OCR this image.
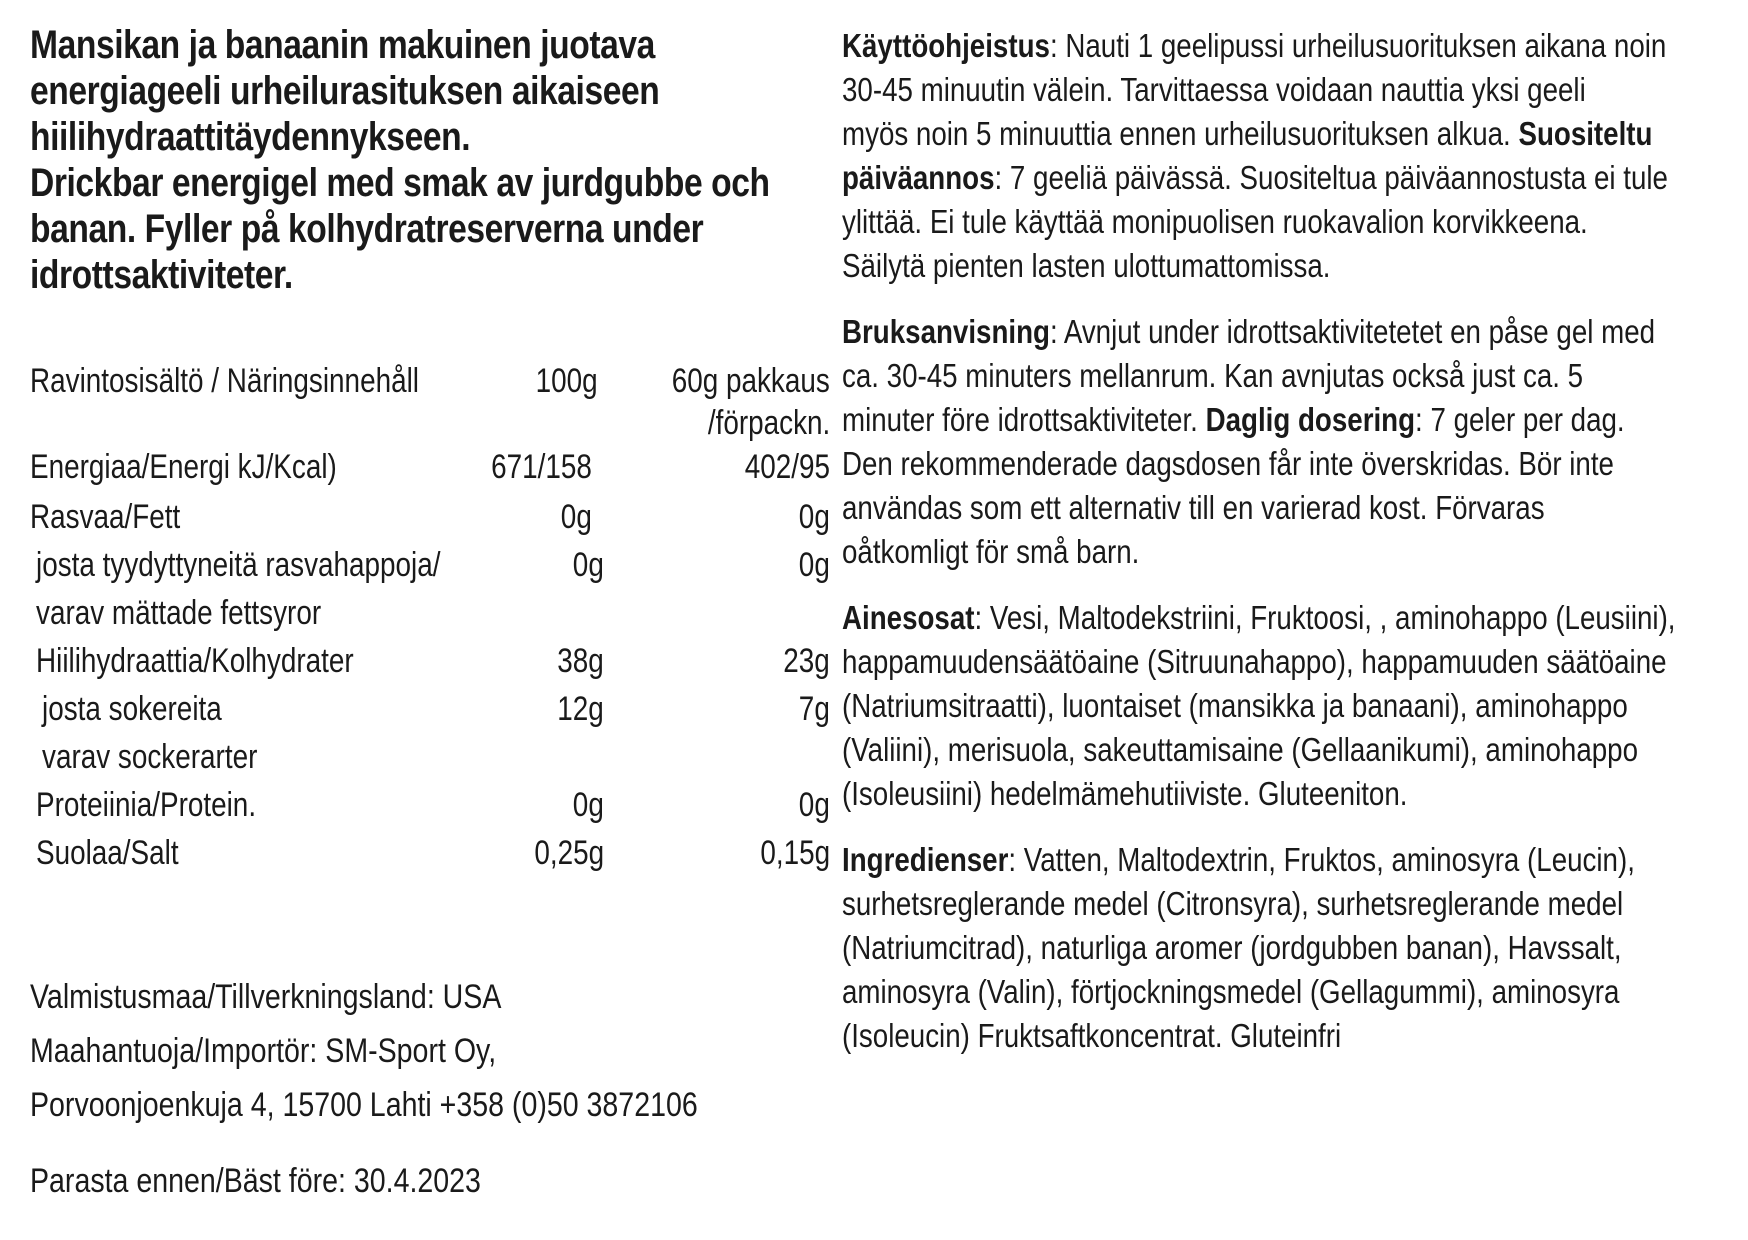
Mansikan ja banaanin makuinen juotava
energiageeli urheilurasituksen aikaiseen
hiilihydraattitäydennykseen.
Drickbar energigel med smak av jurdgubbe och
banan. Fyller på kolhydratreserverna under
idrottsaktiviteter.
Ravintosisältö / Näringsinnehåll	100g 60g pakkaus
/förpackn.
Energiaa/Energi kJ/Kcal)	671/158	402/95
Rasvaa/Fett	0g	0g
josta tyydyttyneitä rasvahappoja/	0g	0g
varav mättade fettsyror
Hiilihydraattia/Kolhydrater	38g	23g
josta sokereita	12g	7g
varav sockerarter
Proteiinia/Protein.	0g	0g
Suolaa/Salt	0,25g	0,15g
Valmistusmaa/Tillverkningsland: USA
Maahantuoja/Importör: SM-Sport Oy,
Porvoonjoenkuja 4, 15700 Lahti +358 (0)50 3872106
Parasta ennen/Bäst före: 30.4.2023
Käyttöohjeistus: Nauti 1 geelipussi urheilusuorituksen aikana noin
30-45 minuutin välein. Tarvittaessa voidaan nauttia yksi geeli
myös noin 5 minuuttia ennen urheilusuorituksen alkua. Suositeltu
päiväannos: 7 geeliä päivässä. Suositeltua päiväannostusta ei tule
ylittää. Ei tule käyttää monipuolisen ruokavalion korvikkeena.
Säilytä pienten lasten ulottumattomissa.
Bruksanvisning: Avnjut under idrottsaktivitetetet en påse gel med
ca. 30-45 minuters mellanrum. Kan avnjutas också just ca. 5
minuter före idrottsaktiviteter. Daglig dosering: 7 geler per dag.
Den rekommenderade dagsdosen får inte överskridas. Bör inte
användas som ett alternativ till en varierad kost. Förvaras
oåtkomligt för små barn.
Ainesosat: Vesi, Maltodekstriini, Fruktoosi, , aminohappo (Leusiini),
happamuudensäätöaine (Sitruunahappo), happamuuden säätöaine
(Natriumsitraatti), luontaiset (mansikka ja banaani), aminohappo
(Valiini), merisuola, sakeuttamisaine (Gellaanikumi), aminohappo
(Isoleusiini) hedelmämehutiiviste. Gluteeniton.
Ingredienser: Vatten, Maltodextrin, Fruktos, aminosyra (Leucin),
surhetsreglerande medel (Citronsyra), surhetsreglerande medel
(Natriumcitrad), naturliga aromer (jordgubben banan), Havssalt,
aminosyra (Valin), förtjockningsmedel (Gellagummi), aminosyra
(Isoleucin) Fruktsaftkoncentrat. Gluteinfri
